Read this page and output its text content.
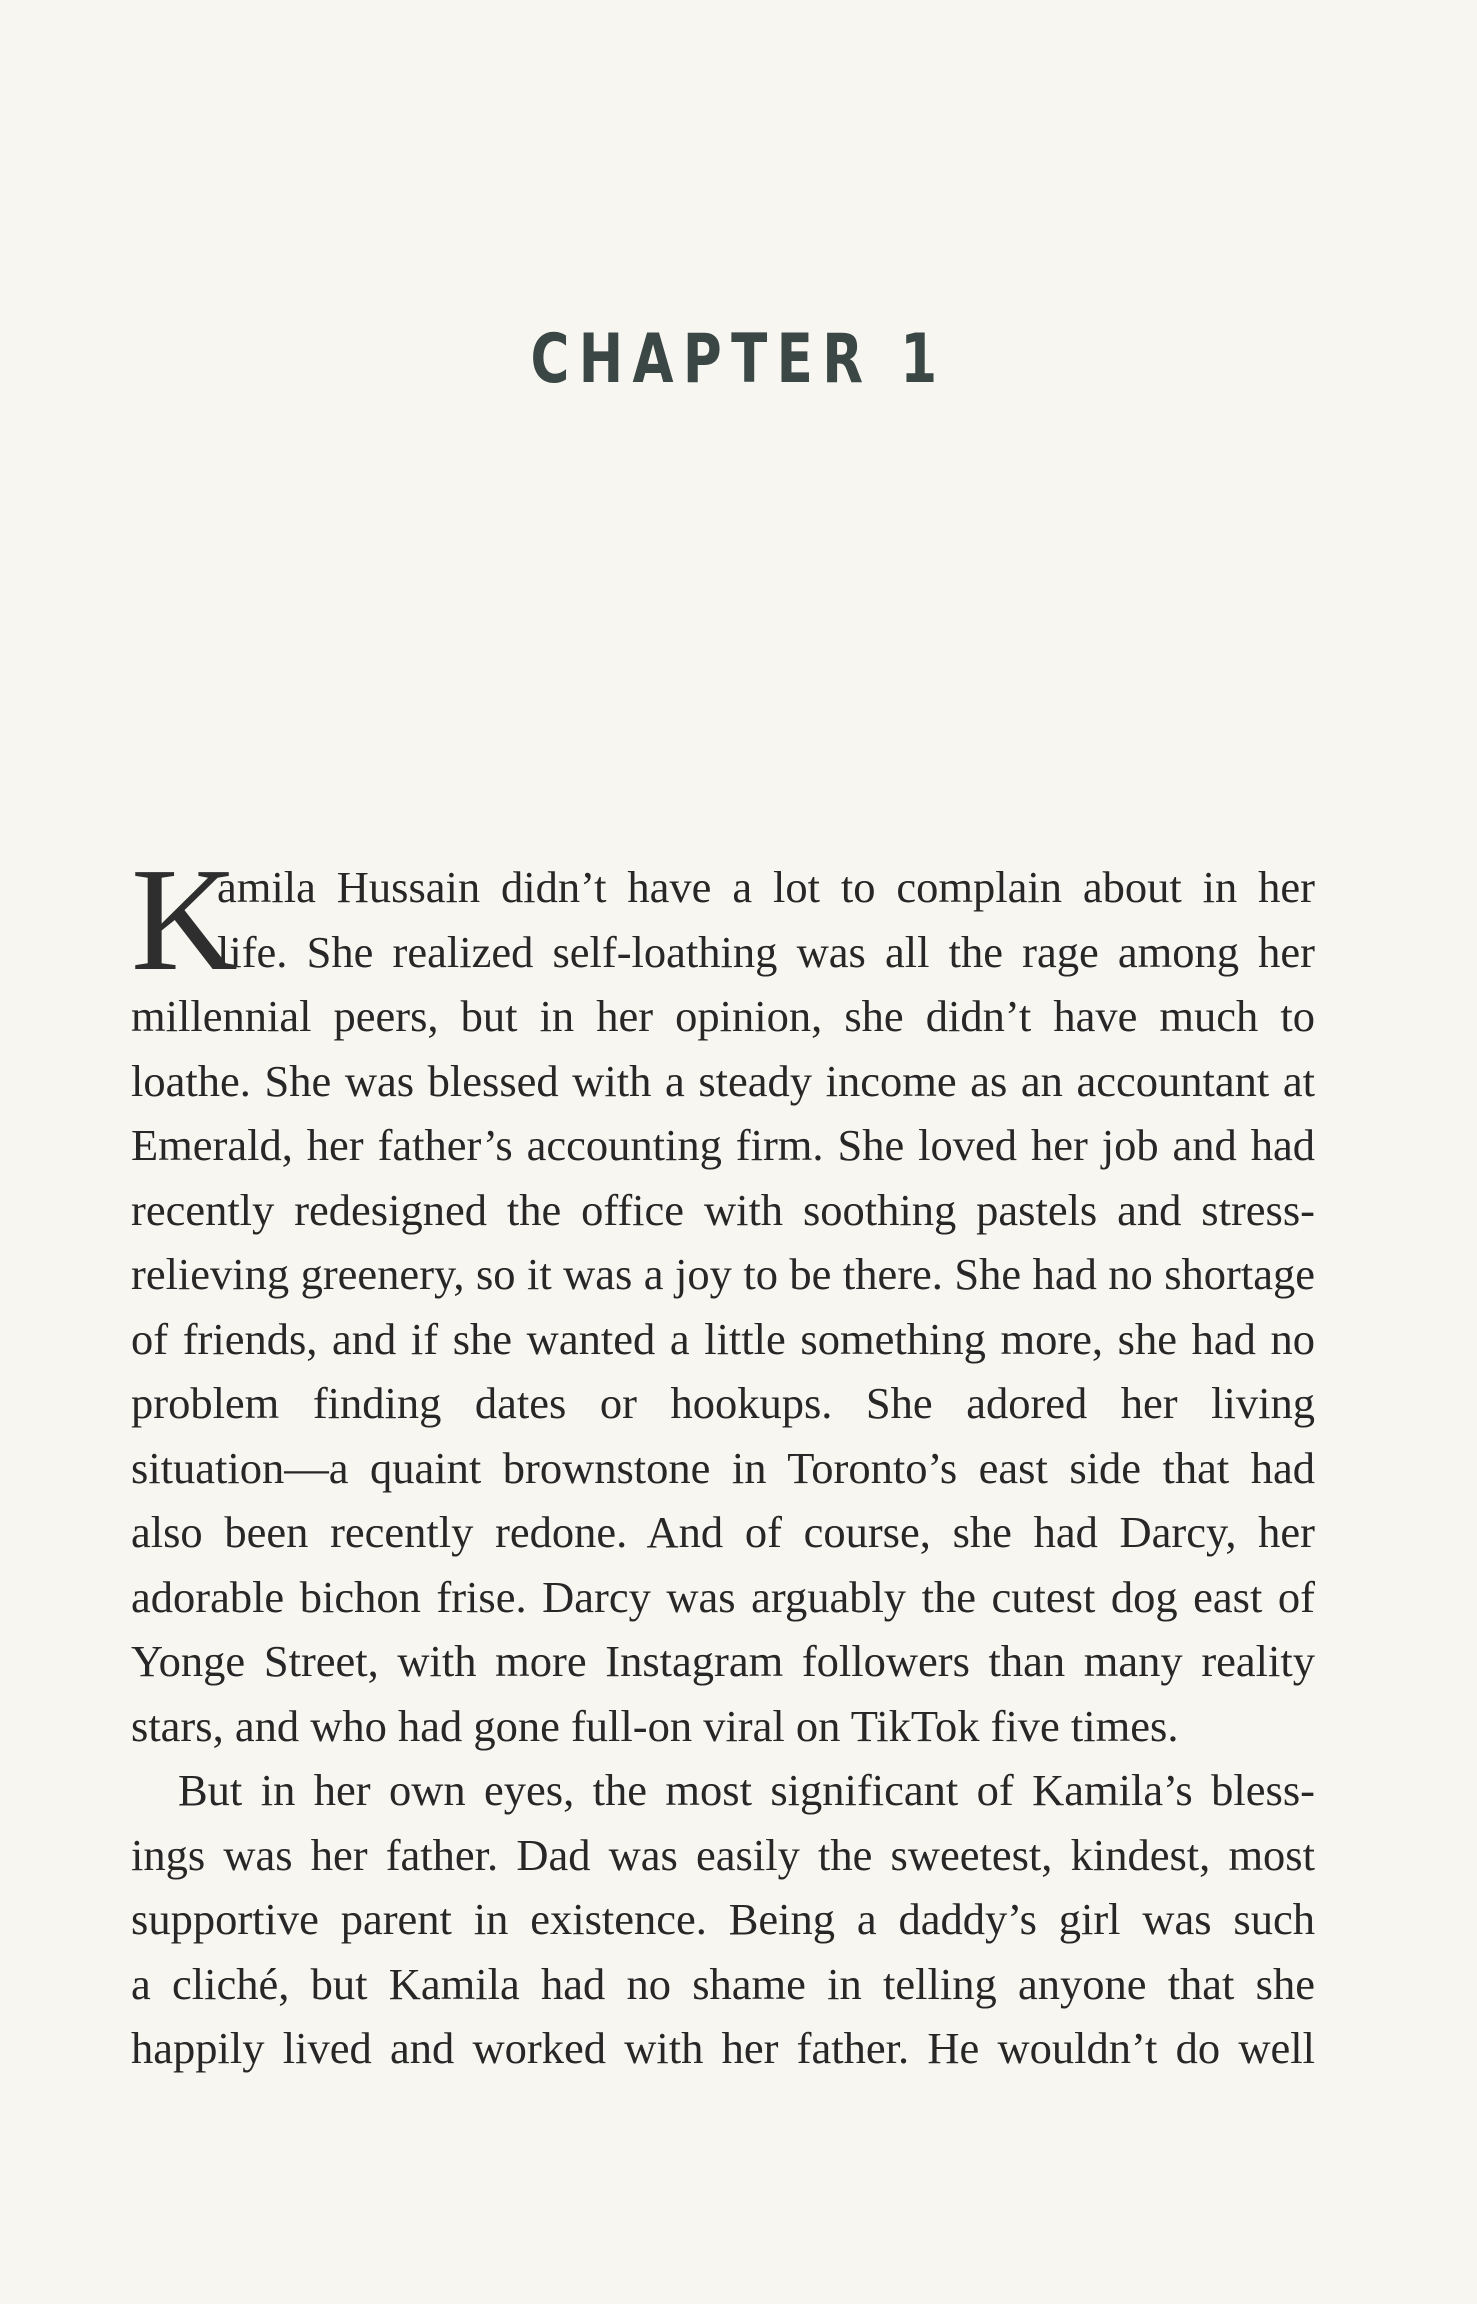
CHAPTER 1
K
amila Hussain didn’t have a lot to complain about in her
life. She realized self-loathing was all the rage among her
millennial peers, but in her opinion, she didn’t have much to
loathe. She was blessed with a steady income as an accountant at
Emerald, her father’s accounting firm. She loved her job and had
recently redesigned the office with soothing pastels and stress-
relieving greenery, so it was a joy to be there. She had no shortage
of friends, and if she wanted a little something more, she had no
problem finding dates or hookups. She adored her living
situation—a quaint brownstone in Toronto’s east side that had
also been recently redone. And of course, she had Darcy, her
adorable bichon frise. Darcy was arguably the cutest dog east of
Yonge Street, with more Instagram followers than many reality
stars, and who had gone full-on viral on TikTok five times.
But in her own eyes, the most significant of Kamila’s bless-
ings was her father. Dad was easily the sweetest, kindest, most
supportive parent in existence. Being a daddy’s girl was such
a cliché, but Kamila had no shame in telling anyone that she
happily lived and worked with her father. He wouldn’t do well
